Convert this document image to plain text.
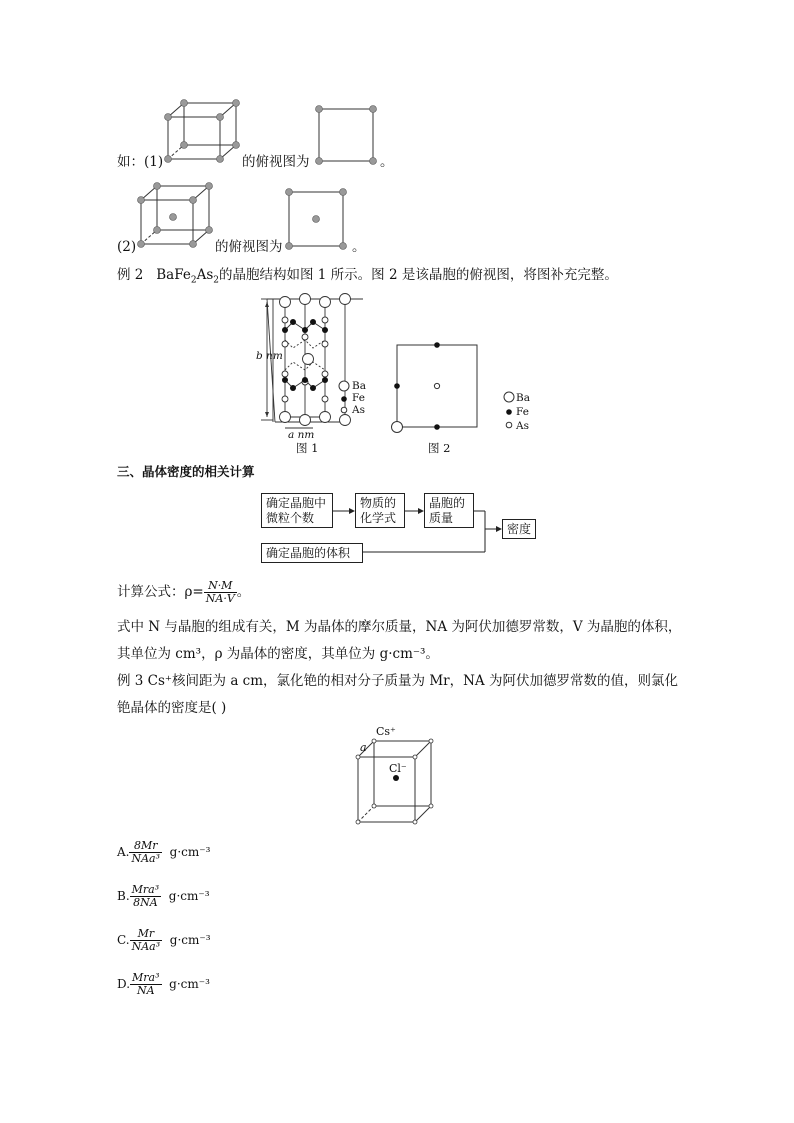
如：(1)	的俯视图为	。
(2)	的俯视图为	。
例 2 $BaFe_2As_2$的晶胞结构如图 1 所示。图 2 是该晶胞的俯视图，将图补充完整。
b nm
a nm
图 1
Ba
Fe
As
图 2
Ba
Fe
As
三、晶体密度的相关计算
确定晶胞中
微粒个数
物质的
化学式
晶胞的
质量
密度
确定晶胞的体积
计算公式：$\rho= \frac{N\cdot M}{NA\cdot V}$ 。
式中 N 与晶胞的组成有关，M 为晶体的摩尔质量，NA 为阿伏加德罗常数，V 为晶胞的体积，
其单位为 cm³，ρ 为晶体的密度，其单位为 g·cm⁻³。
例 3 Cs⁺核间距为 a cm，氯化铯的相对分子质量为 Mr，NA 为阿伏加德罗常数的值，则氯化
铯晶体的密度是( )
Cs⁺
Cl⁻
a
A. $\frac{8Mr}{\text{NAa³}} g\cdot cm^{-3}$
B. $\frac{\text{Mra³}}{8NA} g\cdot cm^{-3}$
C. $\frac{Mr}{\text{NAa³}} g\cdot cm^{-3}$
D. $\frac{\text{Mra³}}{NA} g\cdot cm^{-3}$
